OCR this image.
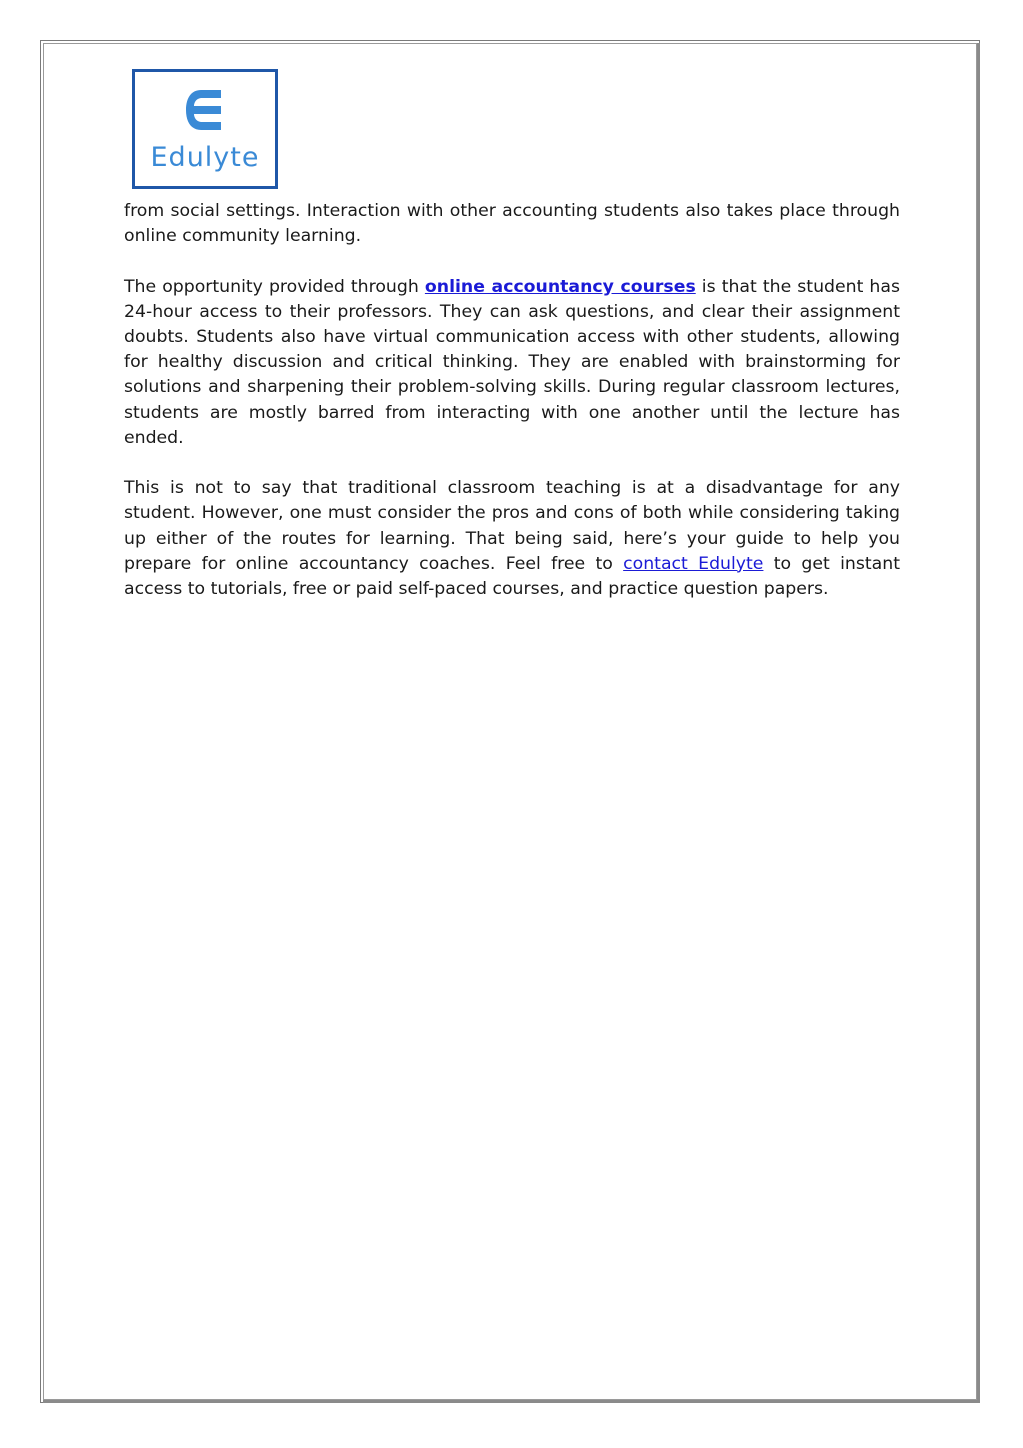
Edulyte

from social settings. Interaction with other accounting students also takes place through online community learning.

The opportunity provided through online accountancy courses is that the student has 24-hour access to their professors. They can ask questions, and clear their assignment doubts. Students also have virtual communication access with other students, allowing for healthy discussion and critical thinking. They are enabled with brainstorming for solutions and sharpening their problem-solving skills. During regular classroom lectures, students are mostly barred from interacting with one another until the lecture has ended.

This is not to say that traditional classroom teaching is at a disadvantage for any student. However, one must consider the pros and cons of both while considering taking up either of the routes for learning. That being said, here’s your guide to help you prepare for online accountancy coaches. Feel free to contact Edulyte to get instant access to tutorials, free or paid self-paced courses, and practice question papers.
